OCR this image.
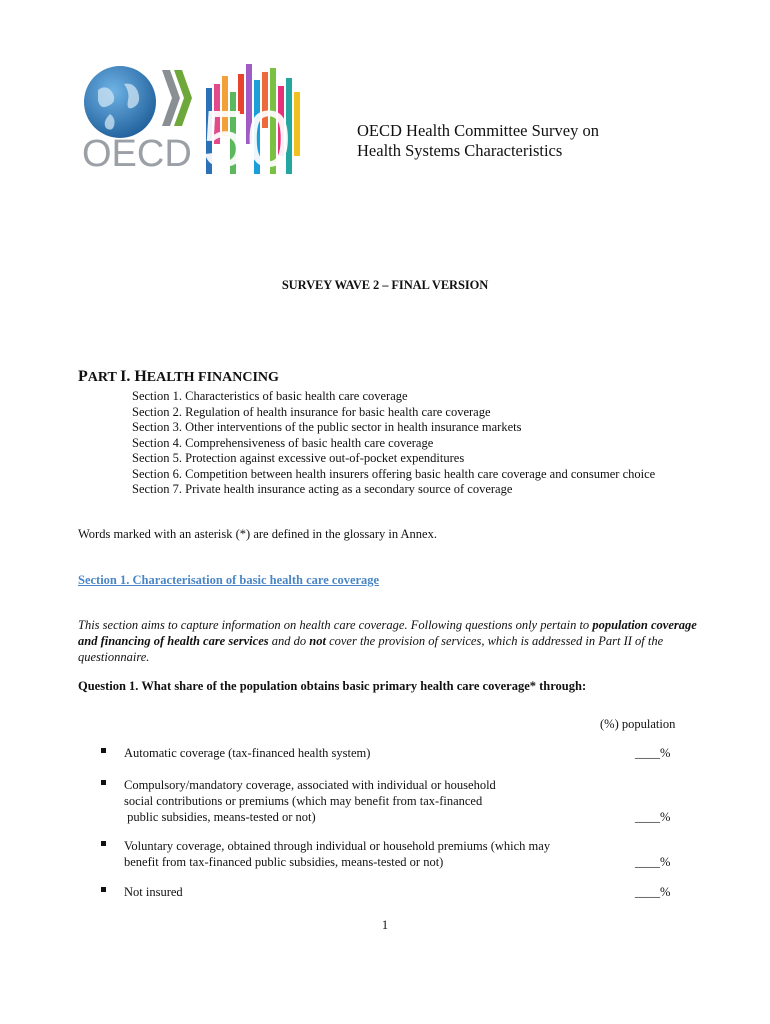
OECD 50	OECD Health Committee Survey on
Health Systems Characteristics
SURVEY WAVE 2 – FINAL VERSION
PART I. HEALTH FINANCING
Section 1. Characteristics of basic health care coverage
Section 2. Regulation of health insurance for basic health care coverage
Section 3. Other interventions of the public sector in health insurance markets
Section 4. Comprehensiveness of basic health care coverage
Section 5. Protection against excessive out-of-pocket expenditures
Section 6. Competition between health insurers offering basic health care coverage and consumer choice
Section 7. Private health insurance acting as a secondary source of coverage
Words marked with an asterisk (*) are defined in the glossary in Annex.
Section 1. Characterisation of basic health care coverage
This section aims to capture information on health care coverage. Following questions only pertain to population coverage and financing of health care services and do not cover the provision of services, which is addressed in Part II of the questionnaire.
Question 1. What share of the population obtains basic primary health care coverage* through:
(%) population
Automatic coverage (tax-financed health system)	____%
Compulsory/mandatory coverage, associated with individual or household
social contributions or premiums (which may benefit from tax-financed
public subsidies, means-tested or not)	____%
Voluntary coverage, obtained through individual or household premiums (which may
benefit from tax-financed public subsidies, means-tested or not)	____%
Not insured	____%
1
